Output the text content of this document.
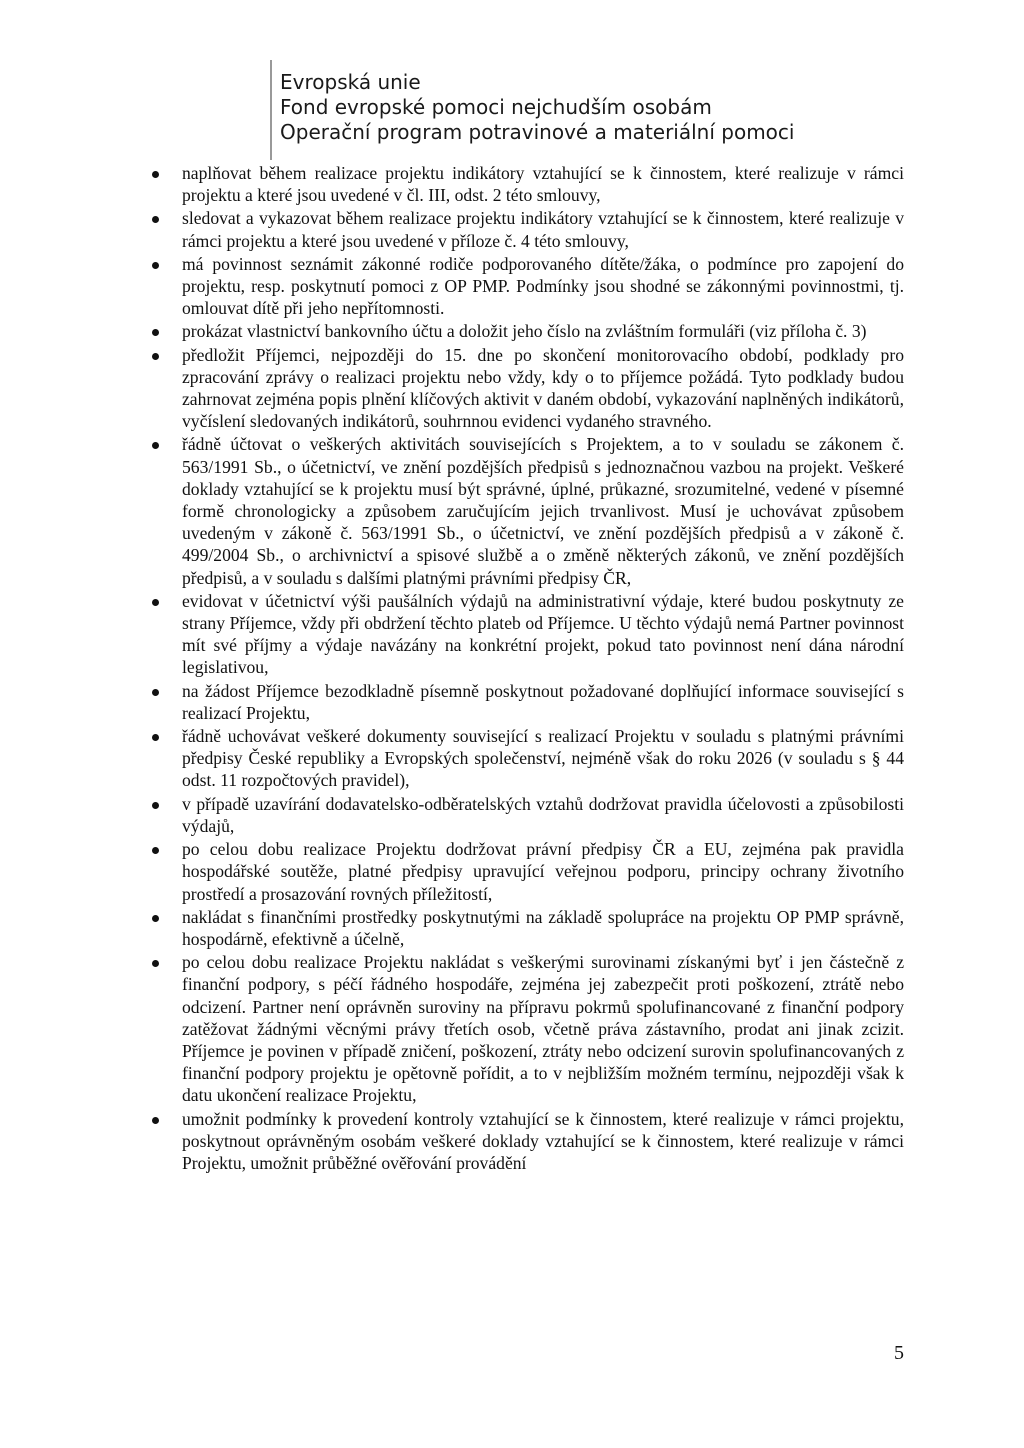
Evropská unie
Fond evropské pomoci nejchudším osobám
Operační program potravinové a materiální pomoci
naplňovat během realizace projektu indikátory vztahující se k činnostem, které realizuje v rámci projektu a které jsou uvedené v čl. III, odst. 2 této smlouvy,
sledovat a vykazovat během realizace projektu indikátory vztahující se k činnostem, které realizuje v rámci projektu a které jsou uvedené v příloze č. 4 této smlouvy,
má povinnost seznámit zákonné rodiče podporovaného dítěte/žáka, o podmínce pro zapojení do projektu, resp. poskytnutí pomoci z OP PMP. Podmínky jsou shodné se zákonnými povinnostmi, tj. omlouvat dítě při jeho nepřítomnosti.
prokázat vlastnictví bankovního účtu a doložit jeho číslo na zvláštním formuláři (viz příloha č. 3)
předložit Příjemci, nejpozději do 15. dne po skončení monitorovacího období, podklady pro zpracování zprávy o realizaci projektu nebo vždy, kdy o to příjemce požádá. Tyto podklady budou zahrnovat zejména popis plnění klíčových aktivit v daném období, vykazování naplněných indikátorů, vyčíslení sledovaných indikátorů, souhrnnou evidenci vydaného stravného.
řádně účtovat o veškerých aktivitách souvisejících s Projektem, a to v souladu se zákonem č. 563/1991 Sb., o účetnictví, ve znění pozdějších předpisů s jednoznačnou vazbou na projekt. Veškeré doklady vztahující se k projektu musí být správné, úplné, průkazné, srozumitelné, vedené v písemné formě chronologicky a způsobem zaručujícím jejich trvanlivost. Musí je uchovávat způsobem uvedeným v zákoně č. 563/1991 Sb., o účetnictví, ve znění pozdějších předpisů a v zákoně č. 499/2004 Sb., o archivnictví a spisové službě a o změně některých zákonů, ve znění pozdějších předpisů, a v souladu s dalšími platnými právními předpisy ČR,
evidovat v účetnictví výši paušálních výdajů na administrativní výdaje, které budou poskytnuty ze strany Příjemce, vždy při obdržení těchto plateb od Příjemce. U těchto výdajů nemá Partner povinnost mít své příjmy a výdaje navázány na konkrétní projekt, pokud tato povinnost není dána národní legislativou,
na žádost Příjemce bezodkladně písemně poskytnout požadované doplňující informace související s realizací Projektu,
řádně uchovávat veškeré dokumenty související s realizací Projektu v souladu s platnými právními předpisy České republiky a Evropských společenství, nejméně však do roku 2026 (v souladu s § 44 odst. 11 rozpočtových pravidel),
v případě uzavírání dodavatelsko-odběratelských vztahů dodržovat pravidla účelovosti a způsobilosti výdajů,
po celou dobu realizace Projektu dodržovat právní předpisy ČR a EU, zejména pak pravidla hospodářské soutěže, platné předpisy upravující veřejnou podporu, principy ochrany životního prostředí a prosazování rovných příležitostí,
nakládat s finančními prostředky poskytnutými na základě spolupráce na projektu OP PMP správně, hospodárně, efektivně a účelně,
po celou dobu realizace Projektu nakládat s veškerými surovinami získanými byť i jen částečně z finanční podpory, s péčí řádného hospodáře, zejména jej zabezpečit proti poškození, ztrátě nebo odcizení. Partner není oprávněn suroviny na přípravu pokrmů spolufinancované z finanční podpory zatěžovat žádnými věcnými právy třetích osob, včetně práva zástavního, prodat ani jinak zcizit. Příjemce je povinen v případě zničení, poškození, ztráty nebo odcizení surovin spolufinancovaných z finanční podpory projektu je opětovně pořídit, a to v nejbližším možném termínu, nejpozději však k datu ukončení realizace Projektu,
umožnit podmínky k provedení kontroly vztahující se k činnostem, které realizuje v rámci projektu, poskytnout oprávněným osobám veškeré doklady vztahující se k činnostem, které realizuje v rámci Projektu, umožnit průběžné ověřování provádění
5
